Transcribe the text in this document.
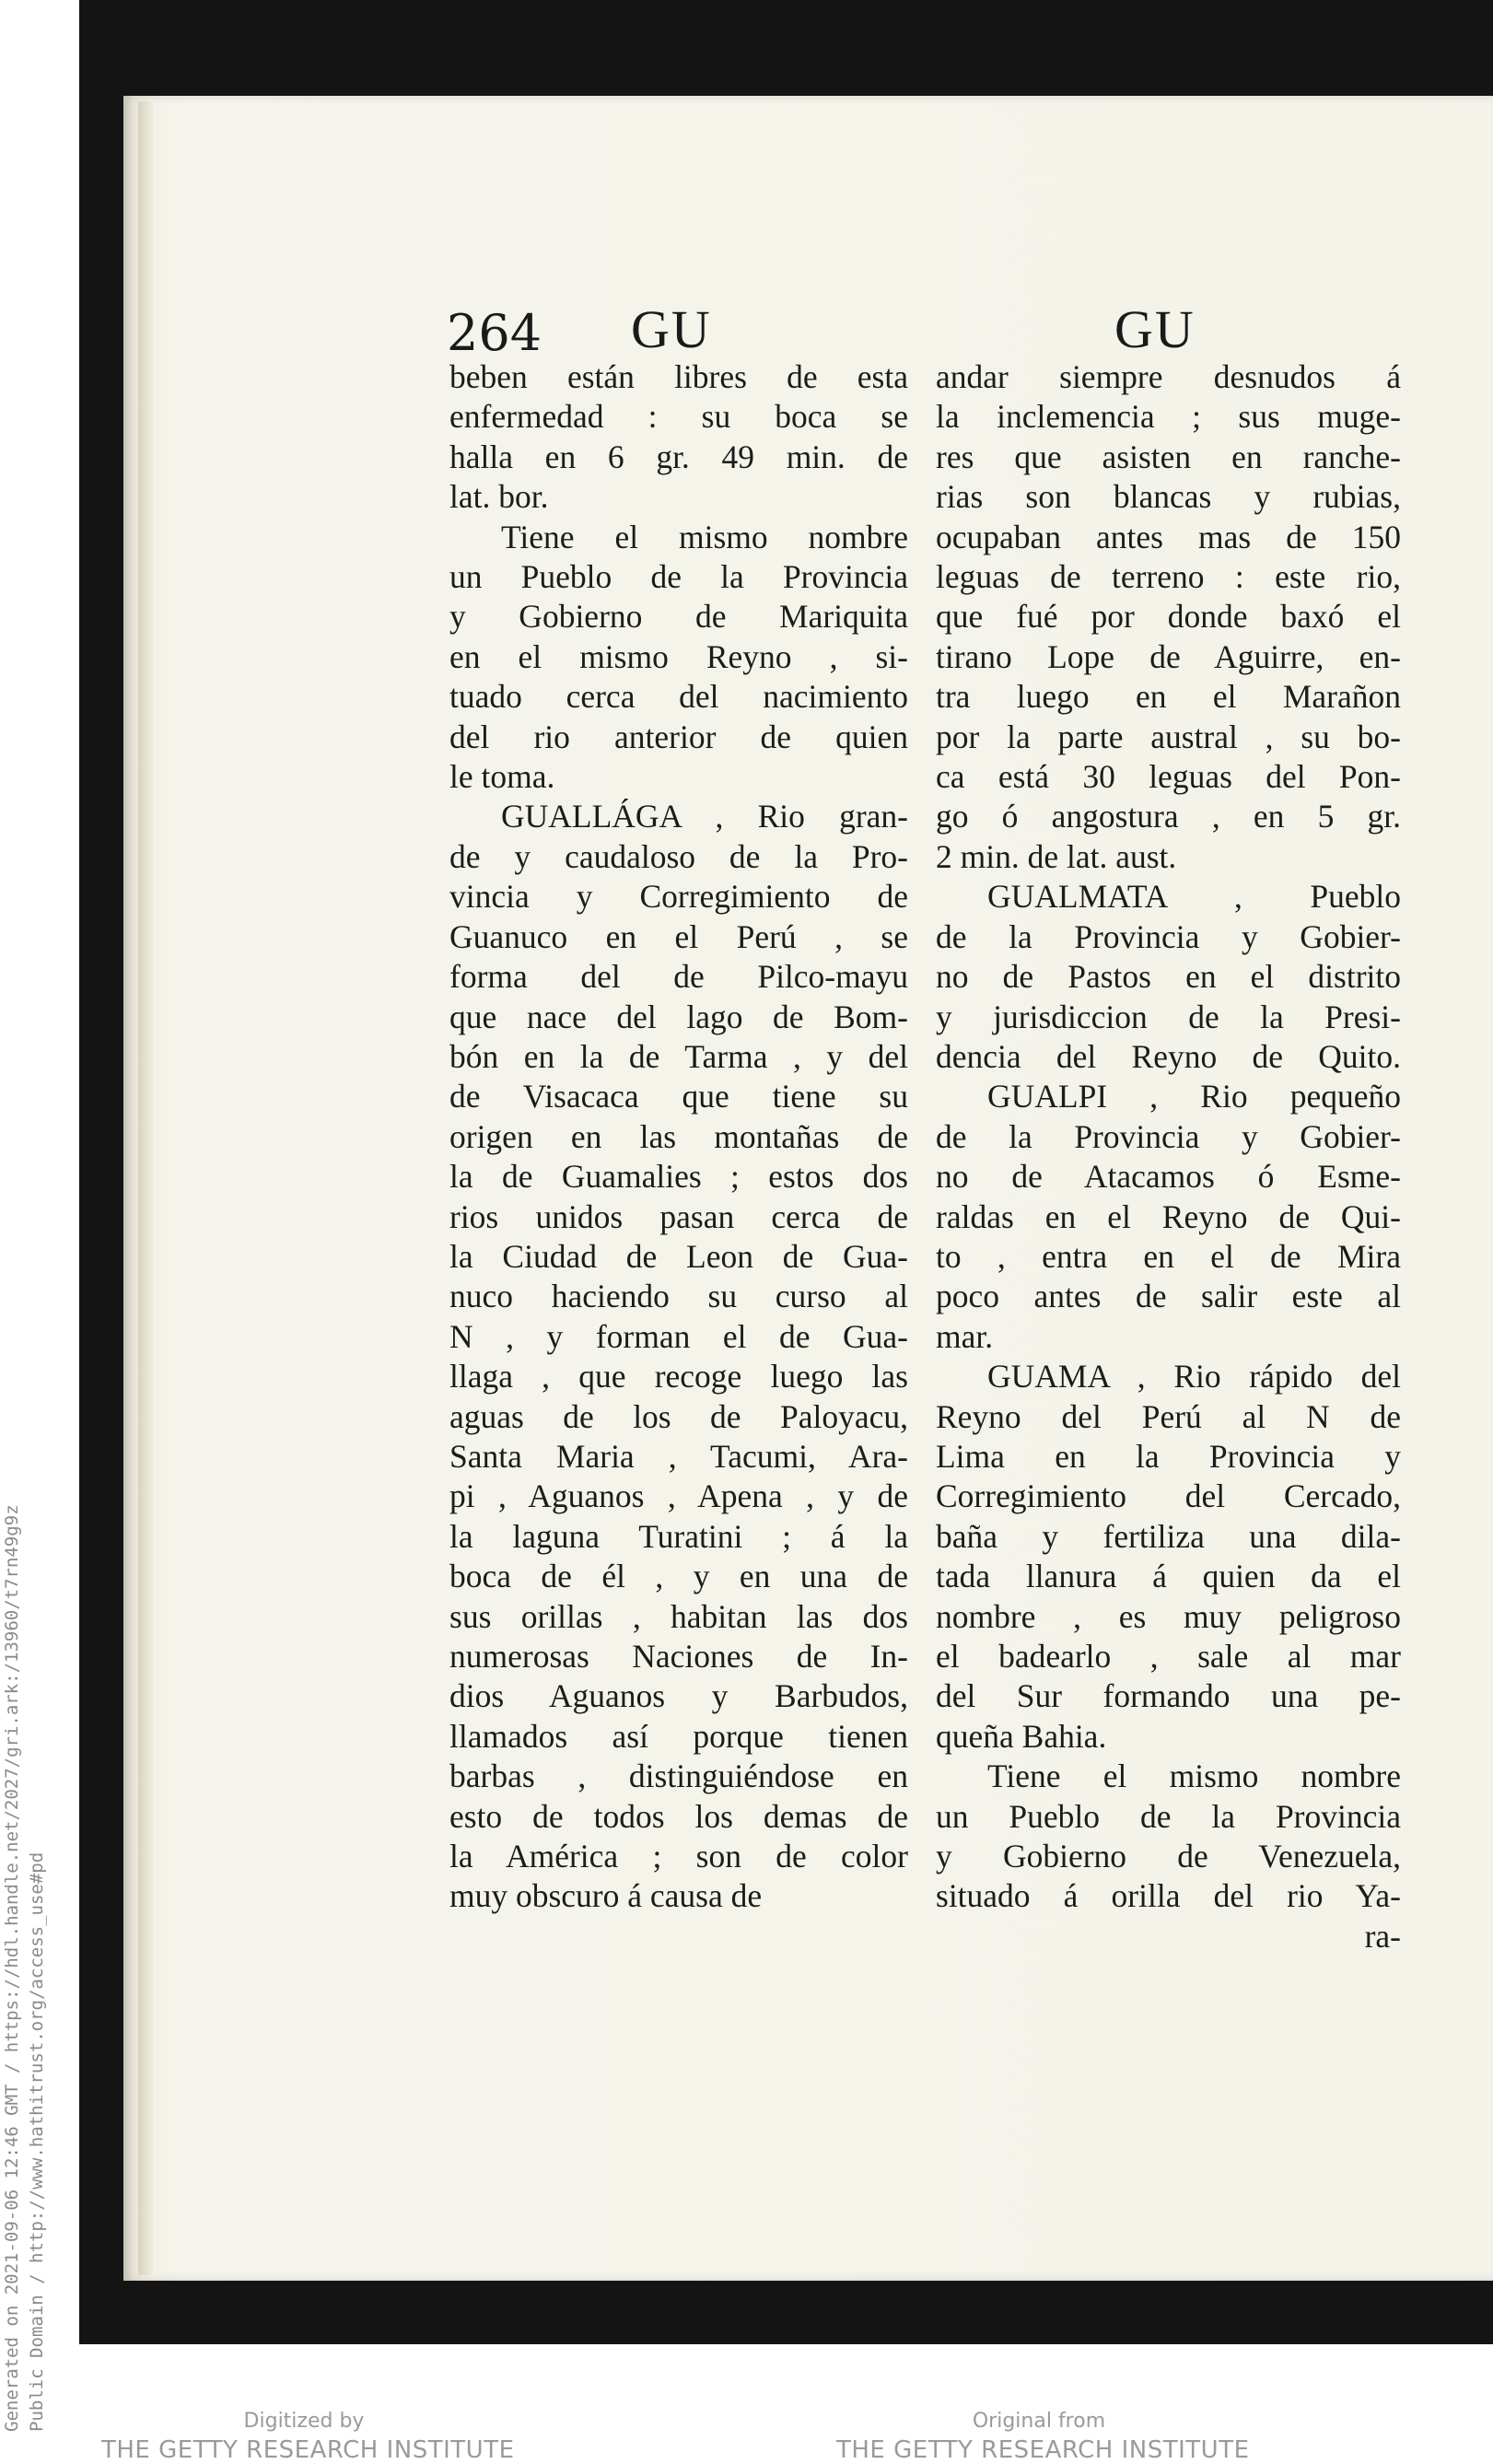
264 GU	GU
beben están libres de esta
enfermedad : su boca se
halla en 6 gr. 49 min. de
lat. bor.
Tiene el mismo nombre
un Pueblo de la Provincia
y Gobierno de Mariquita
en el mismo Reyno , si-
tuado cerca del nacimiento
del rio anterior de quien
le toma.
GUALLÁGA , Rio gran-
de y caudaloso de la Pro-
vincia y Corregimiento de
Guanuco en el Perú , se
forma del de Pilco-mayu
que nace del lago de Bom-
bón en la de Tarma , y del
de Visacaca que tiene su
origen en las montañas de
la de Guamalies ; estos dos
rios unidos pasan cerca de
la Ciudad de Leon de Gua-
nuco haciendo su curso al
N , y forman el de Gua-
llaga , que recoge luego las
aguas de los de Paloyacu,
Santa Maria , Tacumi, Ara-
pi , Aguanos , Apena , y de
la laguna Turatini ; á la
boca de él , y en una de
sus orillas , habitan las dos
numerosas Naciones de In-
dios Aguanos y Barbudos,
llamados así porque tienen
barbas , distinguiéndose en
esto de todos los demas de
la América ; son de color
muy obscuro á causa de
andar siempre desnudos á
la inclemencia ; sus muge-
res que asisten en ranche-
rias son blancas y rubias,
ocupaban antes mas de 150
leguas de terreno : este rio,
que fué por donde baxó el
tirano Lope de Aguirre, en-
tra luego en el Marañon
por la parte austral , su bo-
ca está 30 leguas del Pon-
go ó angostura , en 5 gr.
2 min. de lat. aust.
GUALMATA , Pueblo
de la Provincia y Gobier-
no de Pastos en el distrito
y jurisdiccion de la Presi-
dencia del Reyno de Quito.
GUALPI , Rio pequeño
de la Provincia y Gobier-
no de Atacamos ó Esme-
raldas en el Reyno de Qui-
to , entra en el de Mira
poco antes de salir este al
mar.
GUAMA , Rio rápido del
Reyno del Perú al N de
Lima en la Provincia y
Corregimiento del Cercado,
baña y fertiliza una dila-
tada llanura á quien da el
nombre , es muy peligroso
el badearlo , sale al mar
del Sur formando una pe-
queña Bahia.
Tiene el mismo nombre
un Pueblo de la Provincia
y Gobierno de Venezuela,
situado á orilla del rio Ya-
ra-
Generated on 2021-09-06 12:46 GMT / https://hdl.handle.net/2027/gri.ark:/13960/t7rn49g9z Public Domain / http://www.hathitrust.org/access_use#pd	Digitized by
THE GETTY RESEARCH INSTITUTE
Original from
THE GETTY RESEARCH INSTITUTE
